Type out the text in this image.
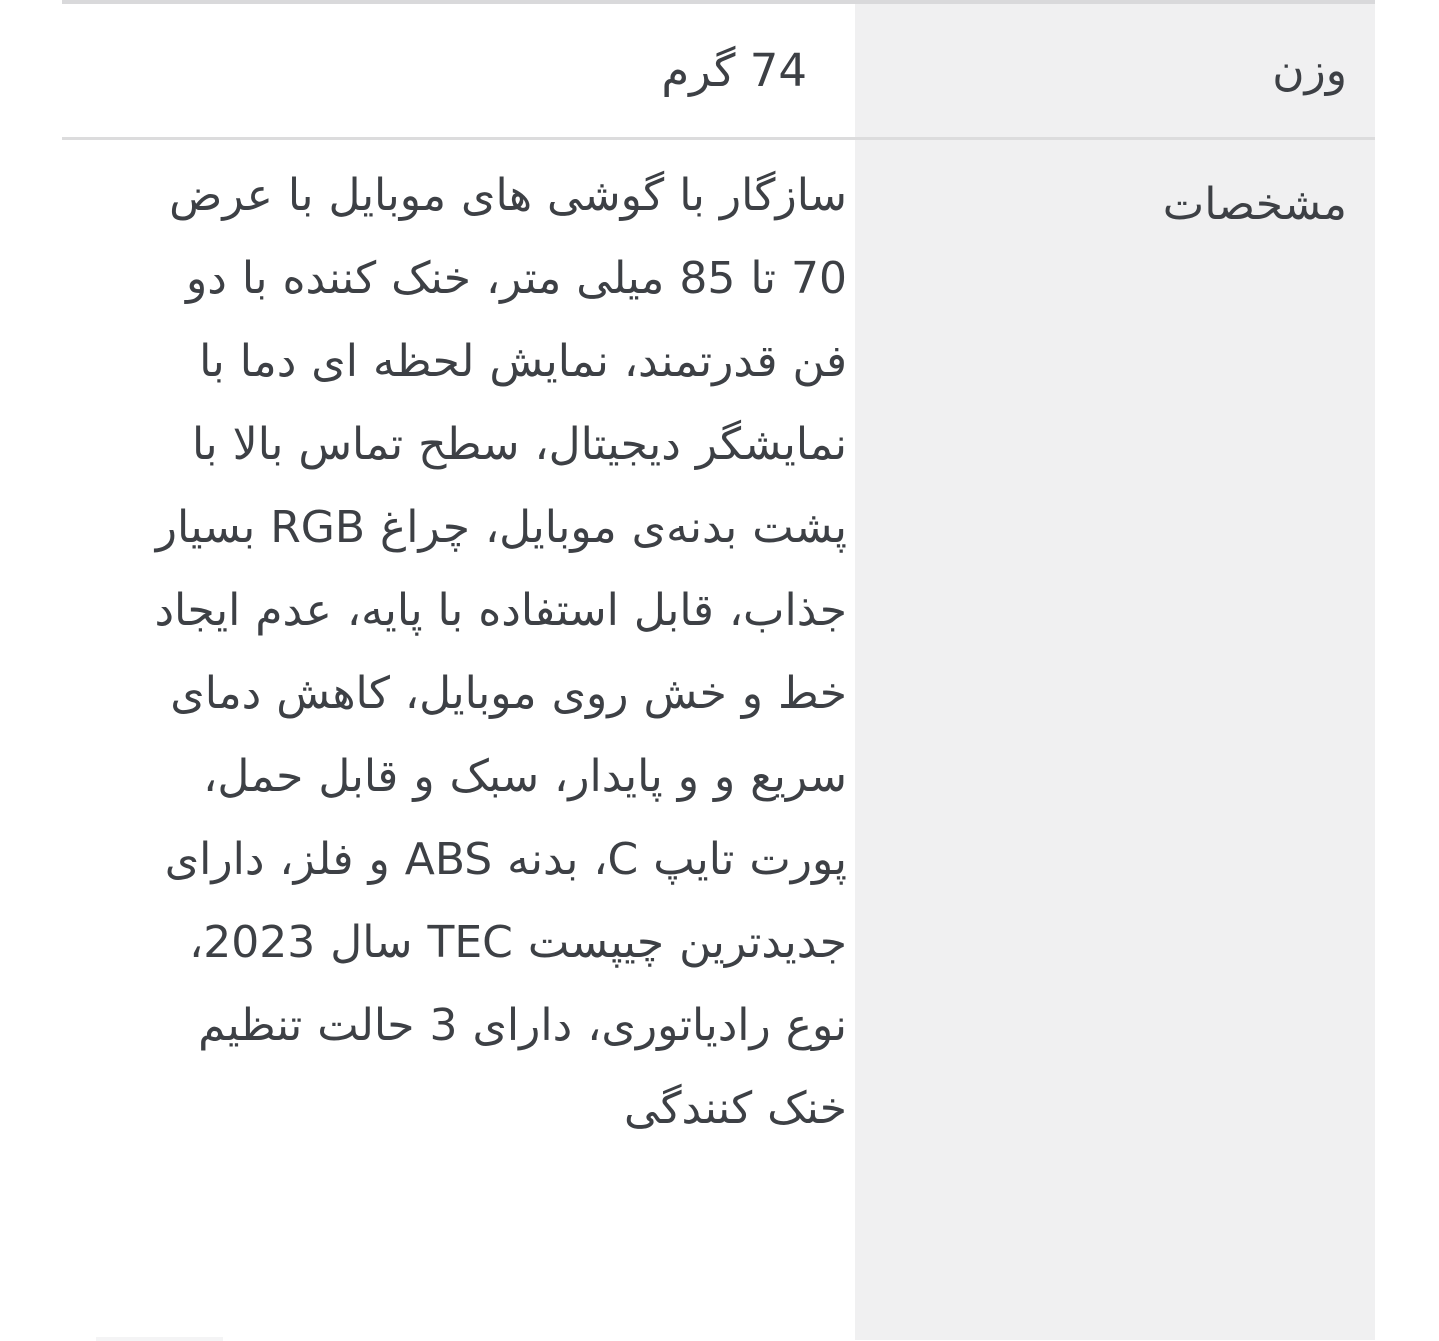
وزن
74 گرم
مشخصات
سازگار با گوشی های موبایل با عرض 70 تا 85 میلی متر، خنک کننده با دو فن قدرتمند، نمایش لحظه ای دما با نمایشگر دیجیتال، سطح تماس بالا با پشت بدنه‌ی موبایل، چراغ RGB بسیار جذاب، قابل استفاده با پایه، عدم ایجاد خط و خش روی موبایل، کاهش دمای سریع و و پایدار، سبک و قابل حمل، پورت تایپ C، بدنه ABS و فلز، دارای جدیدترین چیپست TEC سال 2023، نوع رادیاتوری، دارای 3 حالت تنظیم خنک کنندگی
